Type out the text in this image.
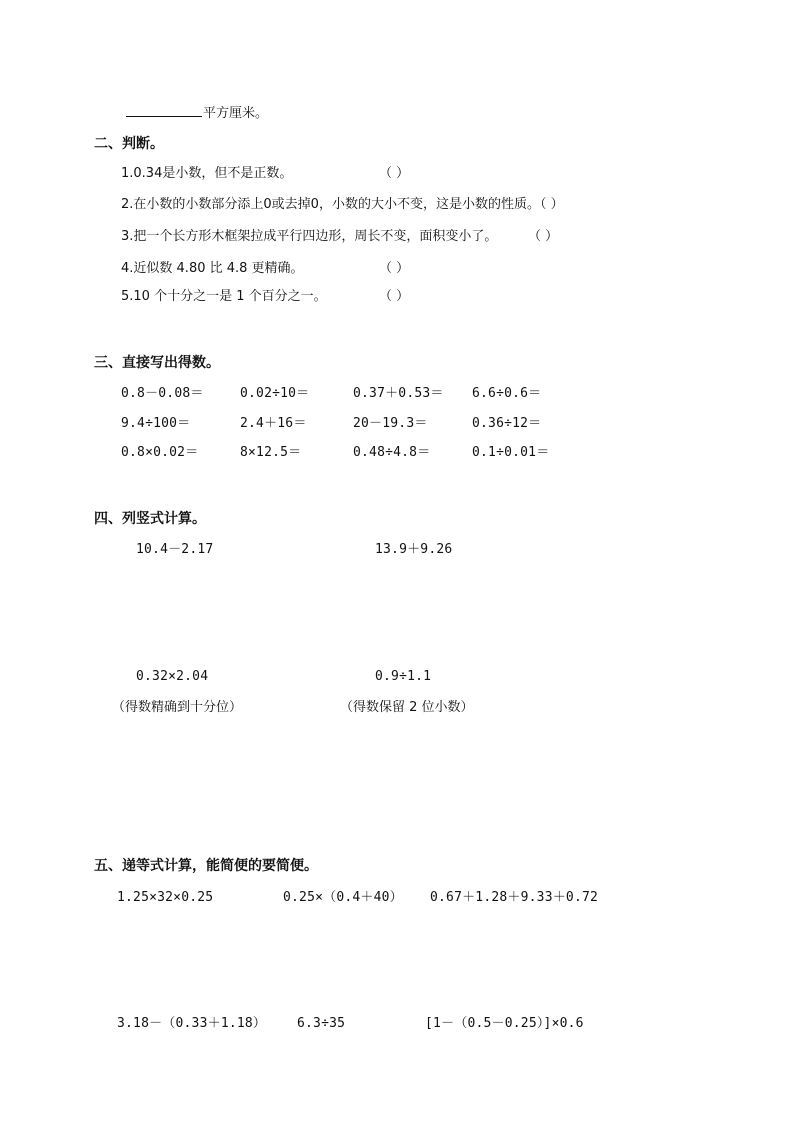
平方厘米。
二、判断。
1.0.34是小数，但不是正数。	（ ）
2.在小数的小数部分添上0或去掉0，小数的大小不变，这是小数的性质。（ ）
3.把一个长方形木框架拉成平行四边形，周长不变，面积变小了。 （ ）
4.近似数 4.80 比 4.8 更精确。	（ ）
5.10 个十分之一是 1 个百分之一。	（ ）
三、直接写出得数。
0.8－0.08＝	0.02÷10＝	0.37＋0.53＝ 6.6÷0.6＝
9.4÷100＝	2.4＋16＝	20－19.3＝	0.36÷12＝
0.8×0.02＝	8×12.5＝	0.48÷4.8＝	0.1÷0.01＝
四、列竖式计算。
10.4－2.17	13.9＋9.26
0.32×2.04	0.9÷1.1
（得数精确到十分位）	（得数保留 2 位小数）
五、递等式计算，能简便的要简便。
1.25×32×0.25	0.25×（0.4＋40） 0.67＋1.28＋9.33＋0.72
3.18－（0.33＋1.18） 6.3÷35	[1－（0.5－0.25）]×0.6
